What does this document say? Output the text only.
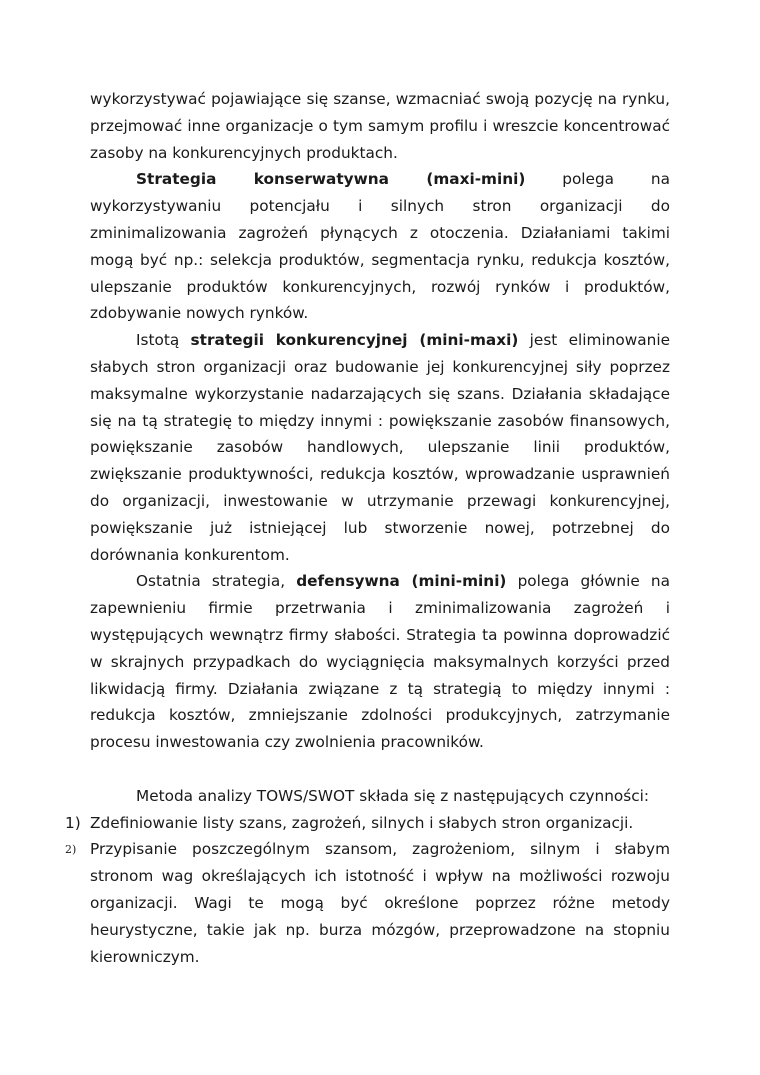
wykorzystywać pojawiające się szanse, wzmacniać swoją pozycję na rynku, przejmować inne organizacje o tym samym profilu i wreszcie koncentrować zasoby na konkurencyjnych produktach.

Strategia konserwatywna (maxi-mini) polega na wykorzystywaniu potencjału i silnych stron organizacji do zminimalizowania zagrożeń płynących z otoczenia. Działaniami takimi mogą być np.: selekcja produktów, segmentacja rynku, redukcja kosztów, ulepszanie produktów konkurencyjnych, rozwój rynków i produktów, zdobywanie nowych rynków.

Istotą strategii konkurencyjnej (mini-maxi) jest eliminowanie słabych stron organizacji oraz budowanie jej konkurencyjnej siły poprzez maksymalne wykorzystanie nadarzających się szans. Działania składające się na tą strategię to między innymi : powiększanie zasobów finansowych, powiększanie zasobów handlowych, ulepszanie linii produktów, zwiększanie produktywności, redukcja kosztów, wprowadzanie usprawnień do organizacji, inwestowanie w utrzymanie przewagi konkurencyjnej, powiększanie już istniejącej lub stworzenie nowej, potrzebnej do dorównania konkurentom.

Ostatnia strategia, defensywna (mini-mini) polega głównie na zapewnieniu firmie przetrwania i zminimalizowania zagrożeń i występujących wewnątrz firmy słabości. Strategia ta powinna doprowadzić w skrajnych przypadkach do wyciągnięcia maksymalnych korzyści przed likwidacją firmy. Działania związane z tą strategią to między innymi : redukcja kosztów, zmniejszanie zdolności produkcyjnych, zatrzymanie procesu inwestowania czy zwolnienia pracowników.

Metoda analizy TOWS/SWOT składa się z następujących czynności:

1) Zdefiniowanie listy szans, zagrożeń, silnych i słabych stron organizacji.
2) Przypisanie poszczególnym szansom, zagrożeniom, silnym i słabym stronom wag określających ich istotność i wpływ na możliwości rozwoju organizacji. Wagi te mogą być określone poprzez różne metody heurystyczne, takie jak np. burza mózgów, przeprowadzone na stopniu kierowniczym.
